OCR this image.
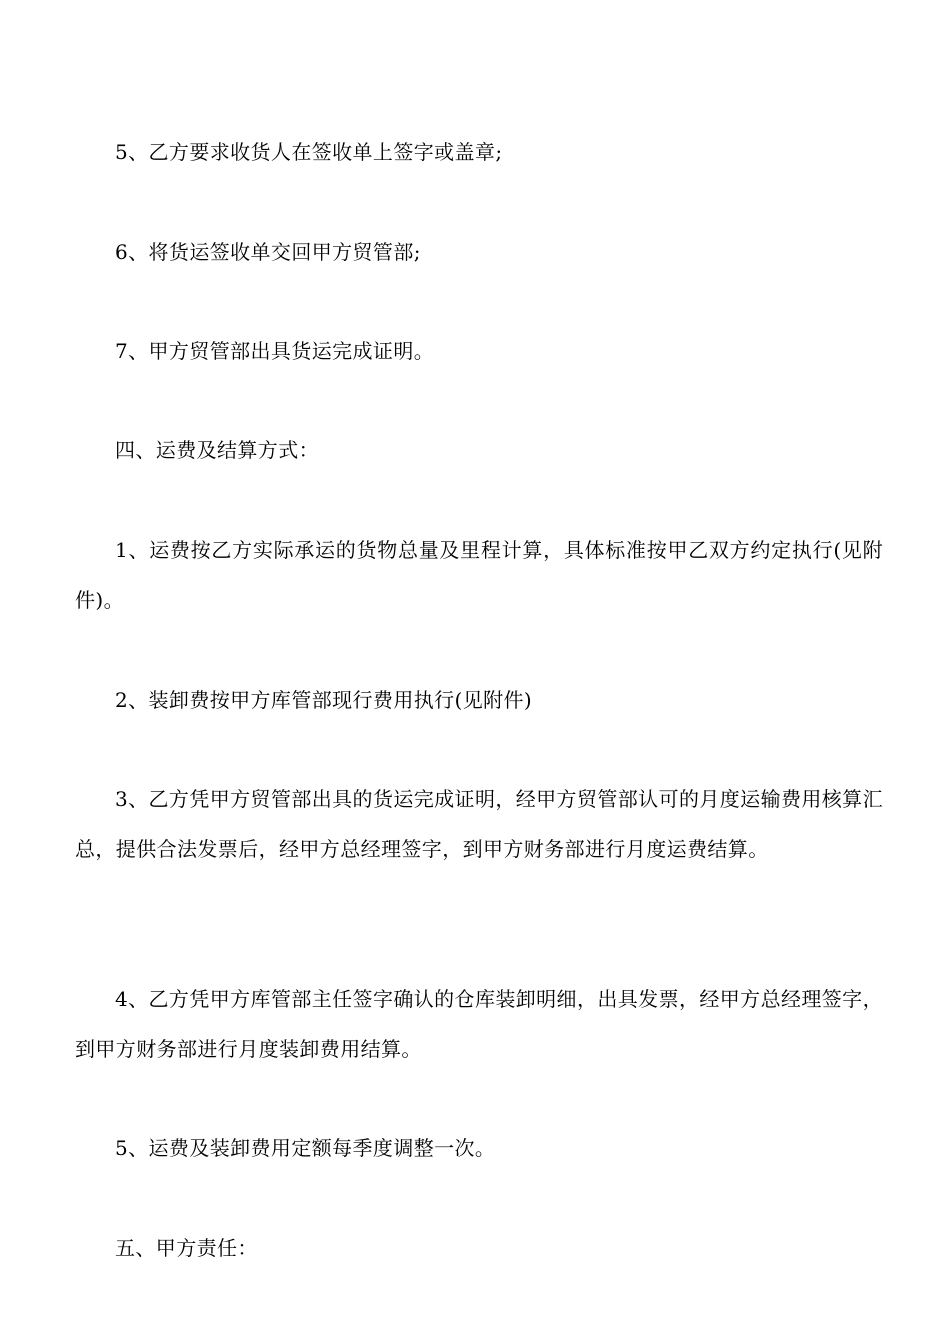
5、乙方要求收货人在签收单上签字或盖章;

6、将货运签收单交回甲方贸管部;

7、甲方贸管部出具货运完成证明。

四、运费及结算方式：

1、运费按乙方实际承运的货物总量及里程计算，具体标准按甲乙双方约定执行(见附件)。

2、装卸费按甲方库管部现行费用执行(见附件)

3、乙方凭甲方贸管部出具的货运完成证明，经甲方贸管部认可的月度运输费用核算汇总，提供合法发票后，经甲方总经理签字，到甲方财务部进行月度运费结算。

4、乙方凭甲方库管部主任签字确认的仓库装卸明细，出具发票，经甲方总经理签字，到甲方财务部进行月度装卸费用结算。

5、运费及装卸费用定额每季度调整一次。

五、甲方责任：
